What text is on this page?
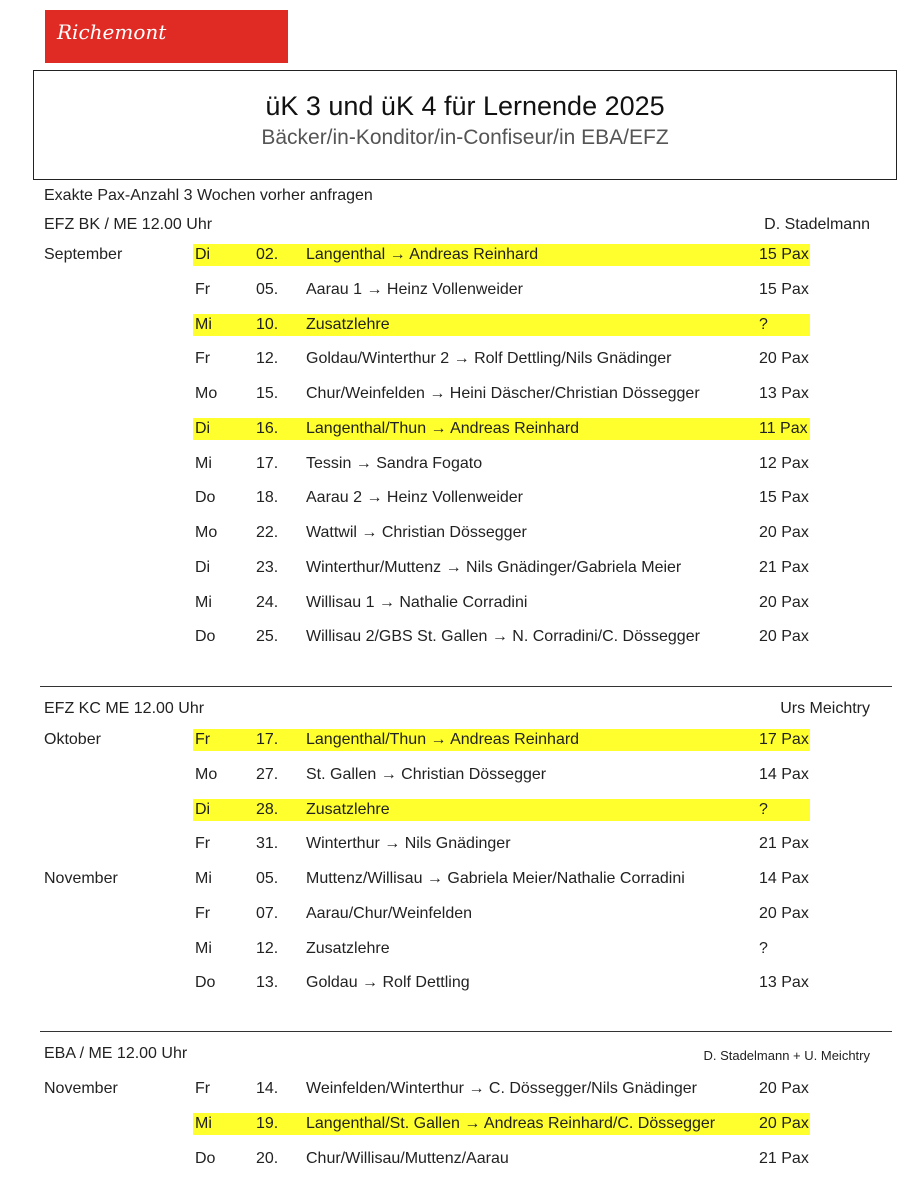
Richemont
üK 3 und üK 4 für Lernende 2025
Bäcker/in-Konditor/in-Confiseur/in EBA/EFZ
Exakte Pax-Anzahl 3 Wochen vorher anfragen
EFZ BK / ME 12.00 Uhr	D. Stadelmann
September	Di	02. Langenthal → Andreas Reinhard	15 Pax
Fr	05. Aarau 1 → Heinz Vollenweider	15 Pax
Mi	10. Zusatzlehre	?
Fr	12. Goldau/Winterthur 2 → Rolf Dettling/Nils Gnädinger	20 Pax
Mo 15. Chur/Weinfelden → Heini Däscher/Christian Dössegger	13 Pax
Di	16. Langenthal/Thun → Andreas Reinhard	11 Pax
Mi	17. Tessin → Sandra Fogato	12 Pax
Do	18. Aarau 2 → Heinz Vollenweider	15 Pax
Mo 22. Wattwil → Christian Dössegger	20 Pax
Di	23. Winterthur/Muttenz → Nils Gnädinger/Gabriela Meier	21 Pax
Mi	24. Willisau 1 → Nathalie Corradini	20 Pax
Do	25. Willisau 2/GBS St. Gallen → N. Corradini/C. Dössegger	20 Pax
EFZ KC ME 12.00 Uhr	Urs Meichtry
Oktober	Fr	17. Langenthal/Thun → Andreas Reinhard	17 Pax
Mo 27. St. Gallen → Christian Dössegger	14 Pax
Di	28. Zusatzlehre	?
Fr	31. Winterthur → Nils Gnädinger	21 Pax
November	Mi	05. Muttenz/Willisau → Gabriela Meier/Nathalie Corradini	14 Pax
Fr	07. Aarau/Chur/Weinfelden	20 Pax
Mi	12. Zusatzlehre	?
Do	13. Goldau → Rolf Dettling	13 Pax
EBA / ME 12.00 Uhr	D. Stadelmann + U. Meichtry
November	Fr	14. Weinfelden/Winterthur → C. Dössegger/Nils Gnädinger	20 Pax
Mi	19. Langenthal/St. Gallen → Andreas Reinhard/C. Dössegger	20 Pax
Do	20. Chur/Willisau/Muttenz/Aarau	21 Pax
